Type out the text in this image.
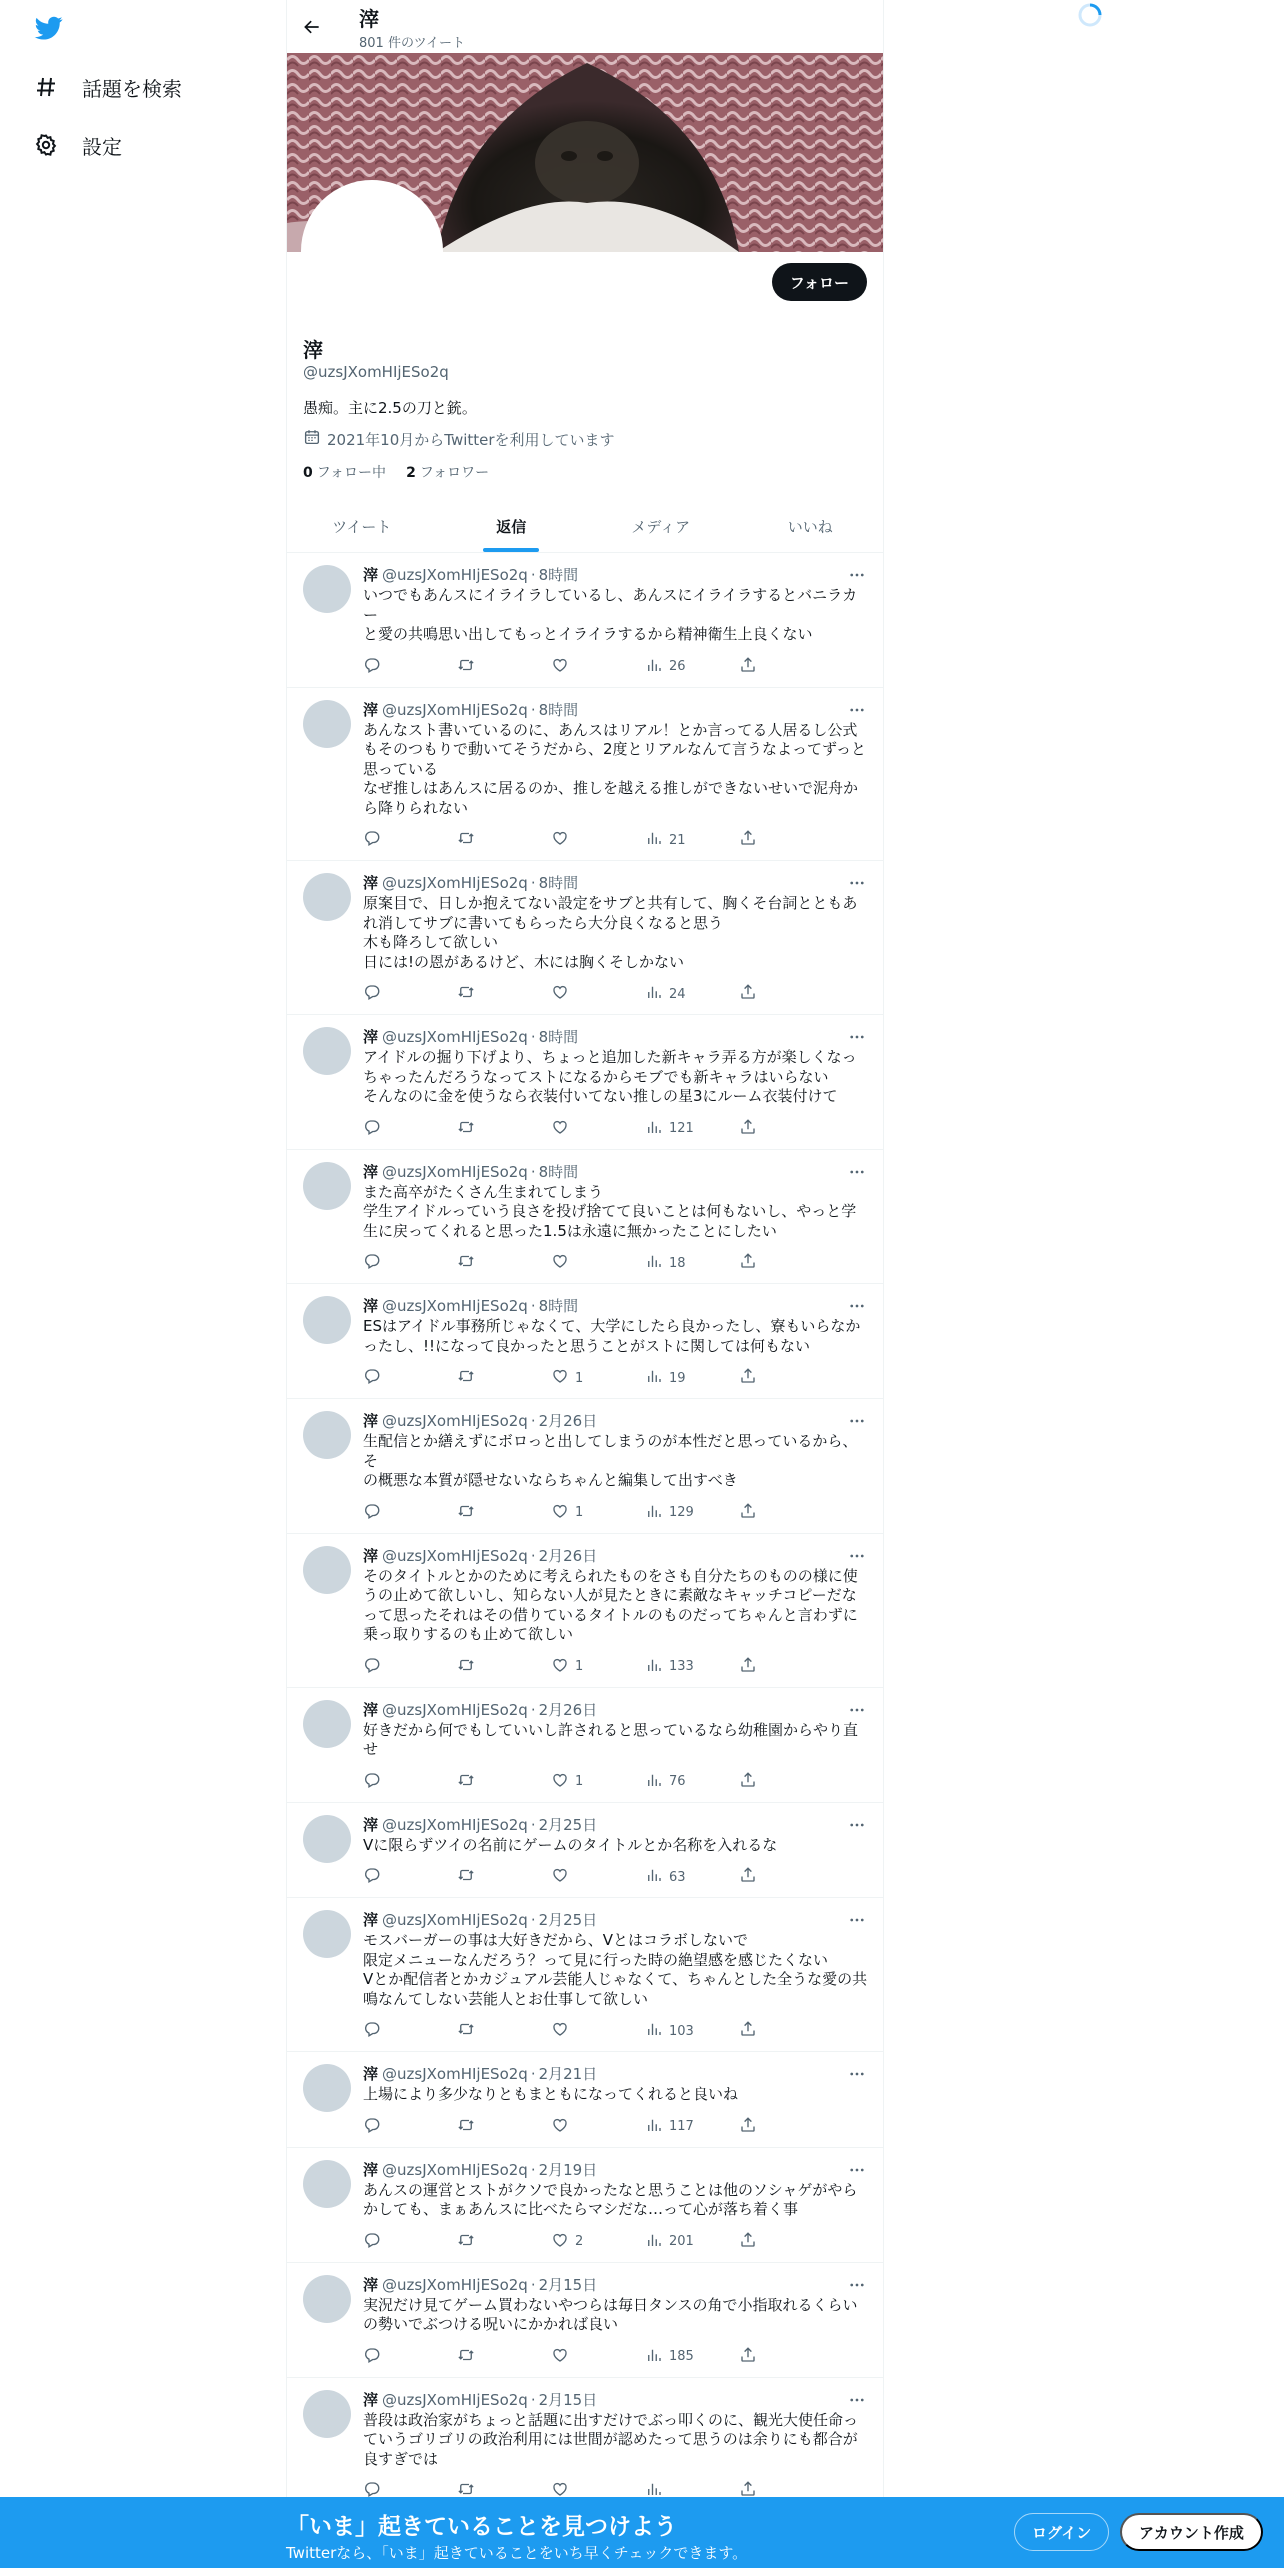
話題を検索
設定
滓
801 件のツイート
フォロー
滓
@uzsJXomHIjESo2q
愚痴。主に2.5の刀と銃。
2021年10月からTwitterを利用しています
0 フォロー中 2 フォロワー
ツイート	返信	メディア	いいね
滓 @uzsJXomHIjESo2q · 8時間
いつでもあんスにイライラしているし、あんスにイライラするとバニラカー
と愛の共鳴思い出してもっとイライラするから精神衛生上良くない
26
滓 @uzsJXomHIjESo2q · 8時間
あんなスト書いているのに、あんスはリアル！とか言ってる人居るし公式
もそのつもりで動いてそうだから、2度とリアルなんて言うなよってずっと
思っている
なぜ推しはあんスに居るのか、推しを越える推しができないせいで泥舟か
ら降りられない
21
滓 @uzsJXomHIjESo2q · 8時間
原案目で、日しか抱えてない設定をサブと共有して、胸くそ台詞とともあ
れ消してサブに書いてもらったら大分良くなると思う
木も降ろして欲しい
日には!の恩があるけど、木には胸くそしかない
24
滓 @uzsJXomHIjESo2q · 8時間
アイドルの掘り下げより、ちょっと追加した新キャラ弄る方が楽しくなっ
ちゃったんだろうなってストになるからモブでも新キャラはいらない
そんなのに金を使うなら衣装付いてない推しの星3にルーム衣装付けて
121
滓 @uzsJXomHIjESo2q · 8時間
また高卒がたくさん生まれてしまう
学生アイドルっていう良さを投げ捨てて良いことは何もないし、やっと学
生に戻ってくれると思った1.5は永遠に無かったことにしたい
18
滓 @uzsJXomHIjESo2q · 8時間
ESはアイドル事務所じゃなくて、大学にしたら良かったし、寮もいらなか
ったし、!!になって良かったと思うことがストに関しては何もない
1	19
滓 @uzsJXomHIjESo2q · 2月26日
生配信とか繕えずにボロっと出してしまうのが本性だと思っているから、そ
の概悪な本質が隠せないならちゃんと編集して出すべき
1	129
滓 @uzsJXomHIjESo2q · 2月26日
そのタイトルとかのために考えられたものをさも自分たちのものの様に使
うの止めて欲しいし、知らない人が見たときに素敵なキャッチコピーだな
って思ったそれはその借りているタイトルのものだってちゃんと言わずに
乗っ取りするのも止めて欲しい
1	133
滓 @uzsJXomHIjESo2q · 2月26日
好きだから何でもしていいし許されると思っているなら幼稚園からやり直
せ
1	76
滓 @uzsJXomHIjESo2q · 2月25日
Vに限らずツイの名前にゲームのタイトルとか名称を入れるな
63
滓 @uzsJXomHIjESo2q · 2月25日
モスバーガーの事は大好きだから、Vとはコラボしないで
限定メニューなんだろう？って見に行った時の絶望感を感じたくない
Vとか配信者とかカジュアル芸能人じゃなくて、ちゃんとした全うな愛の共
鳴なんてしない芸能人とお仕事して欲しい
103
滓 @uzsJXomHIjESo2q · 2月21日
上場により多少なりともまともになってくれると良いね
117
滓 @uzsJXomHIjESo2q · 2月19日
あんスの運営とストがクソで良かったなと思うことは他のソシャゲがやら
かしても、まぁあんスに比べたらマシだな…って心が落ち着く事
2	201
滓 @uzsJXomHIjESo2q · 2月15日
実況だけ見てゲーム買わないやつらは毎日タンスの角で小指取れるくらい
の勢いでぶつける呪いにかかれば良い
185
滓 @uzsJXomHIjESo2q · 2月15日
普段は政治家がちょっと話題に出すだけでぶっ叩くのに、観光大使任命っ
ていうゴリゴリの政治利用には世間が認めたって思うのは余りにも都合が
良すぎでは
「いま」起きていることを見つけよう
Twitterなら、「いま」起きていることをいち早くチェックできます。
ログイン	アカウント作成
